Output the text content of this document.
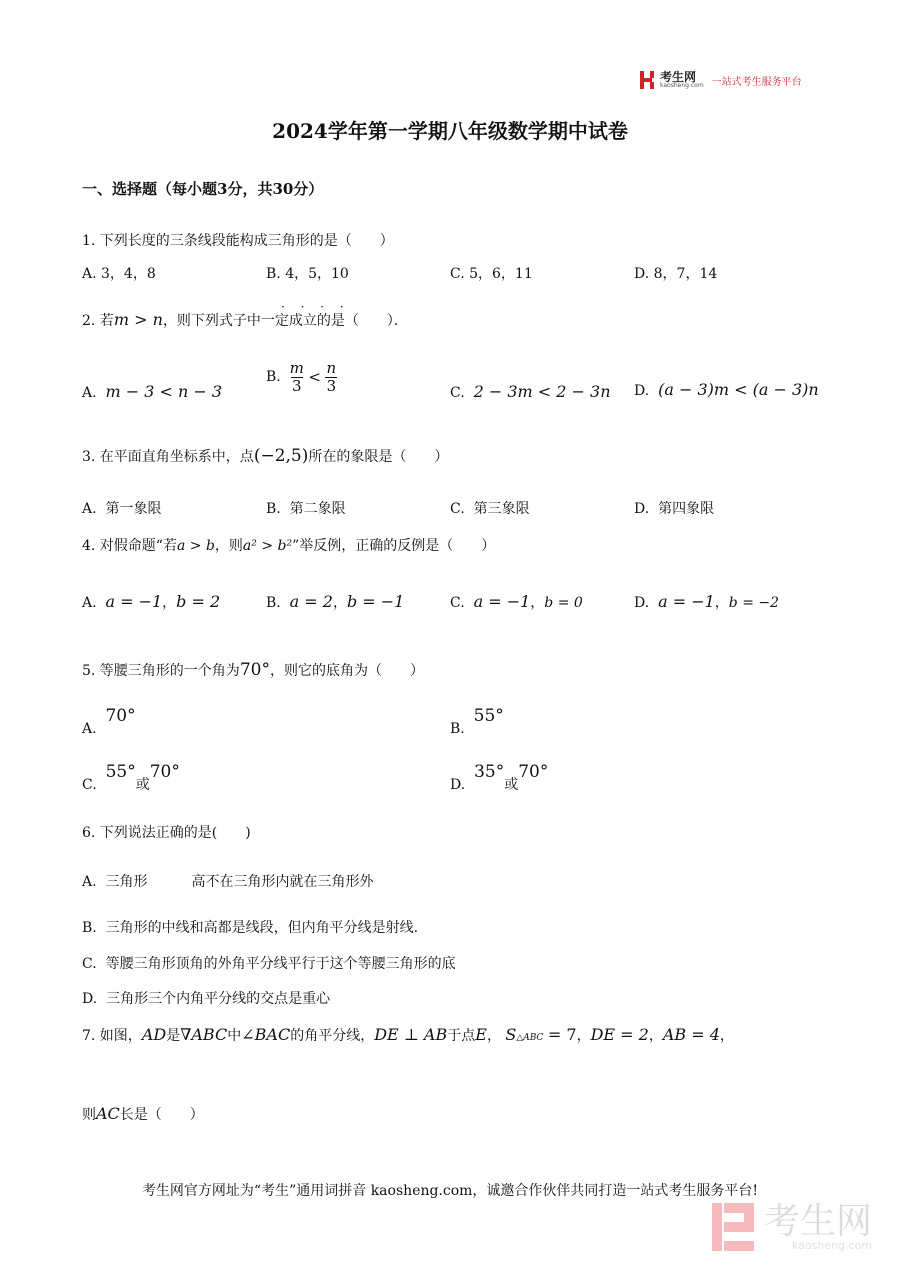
考生网
kaosheng.com 一站式考生服务平台
2024学年第一学期八年级数学期中试卷
一、选择题（每小题3分，共30分）
1. 下列长度的三条线段能构成三角形的是（　　）
A. 3，4，8	B. 4，5，10	C. 5，6，11	D. 8，7，14
2. 若m > n，则下列式子中一定成立的是（　　）．
· · · ·
A. m − 3 < n − 3
B. $\frac{m}{3} < \frac{n}{3}$	C. 2 − 3m < 2 − 3n D. (a − 3)m < (a − 3)n
3. 在平面直角坐标系中，点(−2,5)所在的象限是（　　）
A. 第一象限	B. 第二象限	C. 第三象限	D. 第四象限
4. 对假命题“若a > b，则a² > b²”举反例，正确的反例是（　　）
A. a = −1，b = 2	B. a = 2，b = −1	C. a = −1，b = 0	D. a = −1，b = −2
5. 等腰三角形的一个角为70°，则它的底角为（　　）
A.  70°
B.  55°
C.  55°或70°
D.  35°或70°
6. 下列说法正确的是(　　)
A. 三角形	高不在三角形内就在三角形外
B. 三角形的中线和高都是线段，但内角平分线是射线.
C. 等腰三角形顶角的外角平分线平行于这个等腰三角形的底
D. 三角形三个内角平分线的交点是重心
7. 如图，AD是∇ABC中∠BAC的角平分线，DE ⊥ AB于点E， S△ABC = 7，DE = 2，AB = 4，
则AC长是（　　）
考生网官方网址为“考生”通用词拼音 kaosheng.com，诚邀合作伙伴共同打造一站式考生服务平台!
考生网
kaosheng.com
